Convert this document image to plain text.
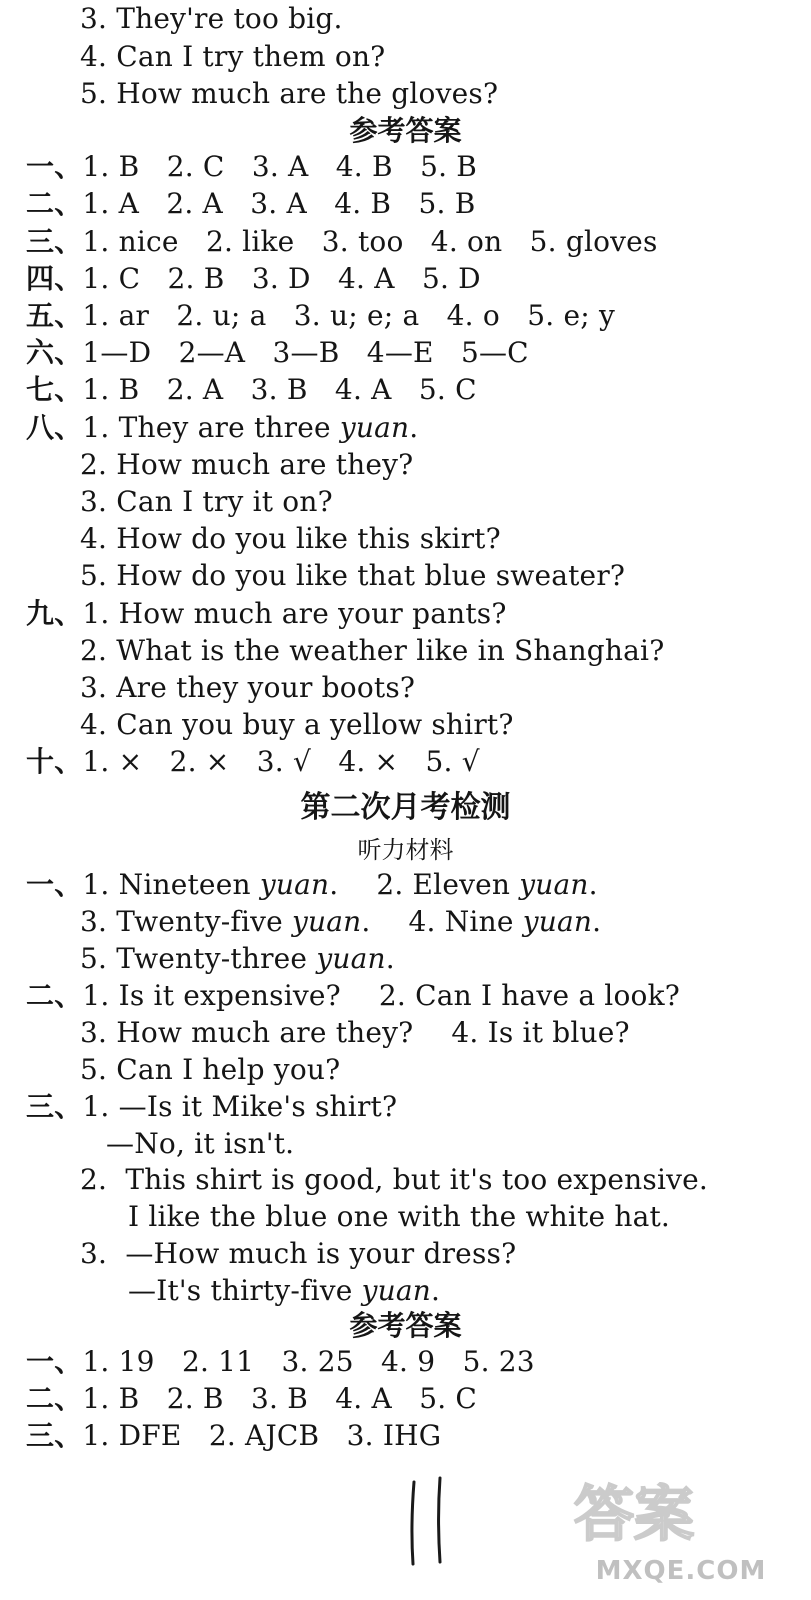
3. They're too big.
4. Can I try them on?
5. How much are the gloves?
参考答案
一、1. B   2. C   3. A   4. B   5. B
二、1. A   2. A   3. A   4. B   5. B
三、1. nice   2. like   3. too   4. on   5. gloves
四、1. C   2. B   3. D   4. A   5. D
五、1. ar   2. u; a   3. u; e; a   4. o   5. e; y
六、1—D   2—A   3—B   4—E   5—C
七、1. B   2. A   3. B   4. A   5. C
八、1. They are three yuan.
2. How much are they?
3. Can I try it on?
4. How do you like this skirt?
5. How do you like that blue sweater?
九、1. How much are your pants?
2. What is the weather like in Shanghai?
3. Are they your boots?
4. Can you buy a yellow shirt?
十、1. ×   2. ×   3. √   4. ×   5. √
第二次月考检测
听力材料
一、1. Nineteen yuan. 2. Eleven yuan.
3. Twenty-five yuan. 4. Nine yuan.
5. Twenty-three yuan.
二、1. Is it expensive? 2. Can I have a look?
3. How much are they? 4. Is it blue?
5. Can I help you?
三、1. —Is it Mike's shirt?
—No, it isn't.
2.  This shirt is good, but it's too expensive.
I like the blue one with the white hat.
3.  —How much is your dress?
—It's thirty-five yuan.
参考答案
一、1. 19   2. 11   3. 25   4. 9   5. 23
二、1. B   2. B   3. B   4. A   5. C
三、1. DFE   2. AJCB   3. IHG
答案
MXQE.COM
